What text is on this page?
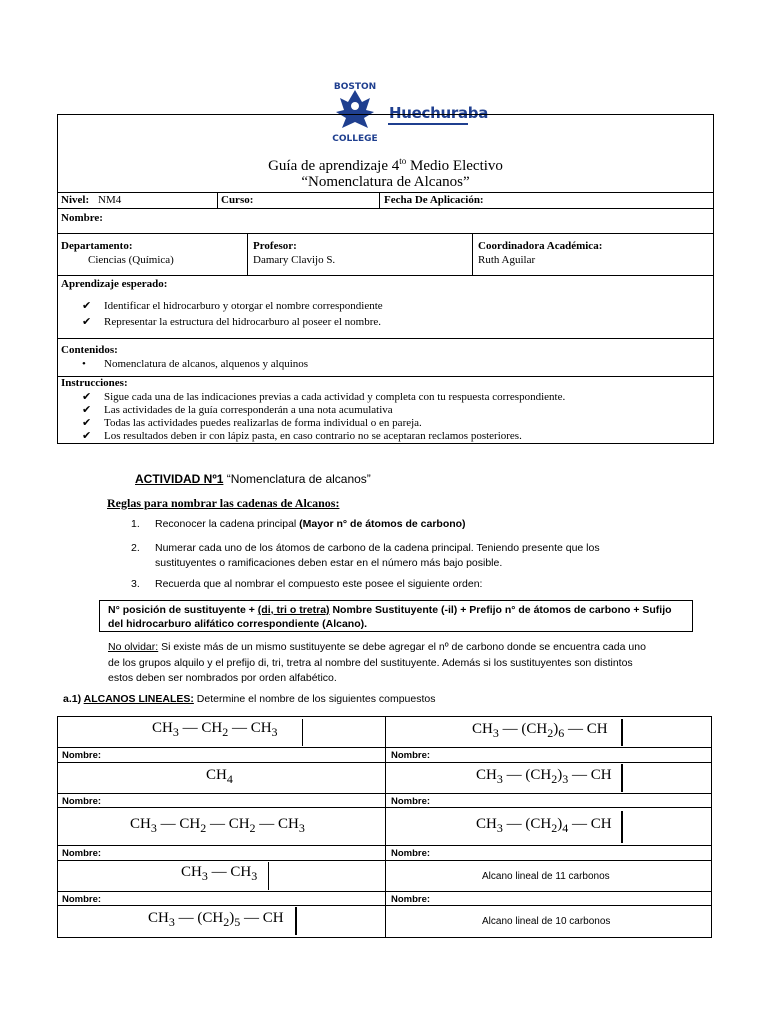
BOSTON
COLLEGE
Huechuraba
Guía de aprendizaje $4^{to}$ Medio Electivo
“Nomenclatura de Alcanos”
Nivel: NM4	Curso:	Fecha De Aplicación:
Nombre:
Departamento:
Ciencias (Química)
Profesor:
Damary Clavijo S.
Coordinadora Académica:
Ruth Aguilar
Aprendizaje esperado:
✔ Identificar el hidrocarburo y otorgar el nombre correspondiente
✔ Representar la estructura del hidrocarburo al poseer el nombre.
Contenidos:
• Nomenclatura de alcanos, alquenos y alquinos
Instrucciones:
✔ Sigue cada una de las indicaciones previas a cada actividad y completa con tu respuesta correspondiente.
✔ Las actividades de la guía corresponderán a una nota acumulativa
✔ Todas las actividades puedes realizarlas de forma individual o en pareja.
✔ Los resultados deben ir con lápiz pasta, en caso contrario no se aceptaran reclamos posteriores.
ACTIVIDAD Nº1 “Nomenclatura de alcanos”
Reglas para nombrar las cadenas de Alcanos:
1. Reconocer la cadena principal (Mayor n° de átomos de carbono)
2. Numerar cada uno de los átomos de carbono de la cadena principal. Teniendo presente que los
sustituyentes o ramificaciones deben estar en el número más bajo posible.
3. Recuerda que al nombrar el compuesto este posee el siguiente orden:
N° posición de sustituyente + (di, tri o tretra) Nombre Sustituyente (-il) + Prefijo n° de átomos de carbono + Sufijo
del hidrocarburo alifático correspondiente (Alcano).
No olvidar: Si existe más de un mismo sustituyente se debe agregar el nº de carbono donde se encuentra cada uno
de los grupos alquilo y el prefijo di, tri, tretra al nombre del sustituyente. Además si los sustituyentes son distintos
estos deben ser nombrados por orden alfabético.
a.1) ALCANOS LINEALES: Determine el nombre de los siguientes compuestos
$CH_3$ — $CH_2$ — $CH_3$	$CH_3$ — $(CH_2)_6$ — CH
Nombre:	Nombre:
$CH_4$	$CH_3$ — $(CH_2)_3$ — CH
Nombre:	Nombre:
$CH_3$ — $CH_2$ — $CH_2$ — $CH_3$	$CH_3$ — $(CH_2)_4$ — CH
Nombre:	Nombre:
$CH_3$ — $CH_3$	Alcano lineal de 11 carbonos
Nombre:	Nombre:
$CH_3$ — $(CH_2)_5$ — CH	Alcano lineal de 10 carbonos
